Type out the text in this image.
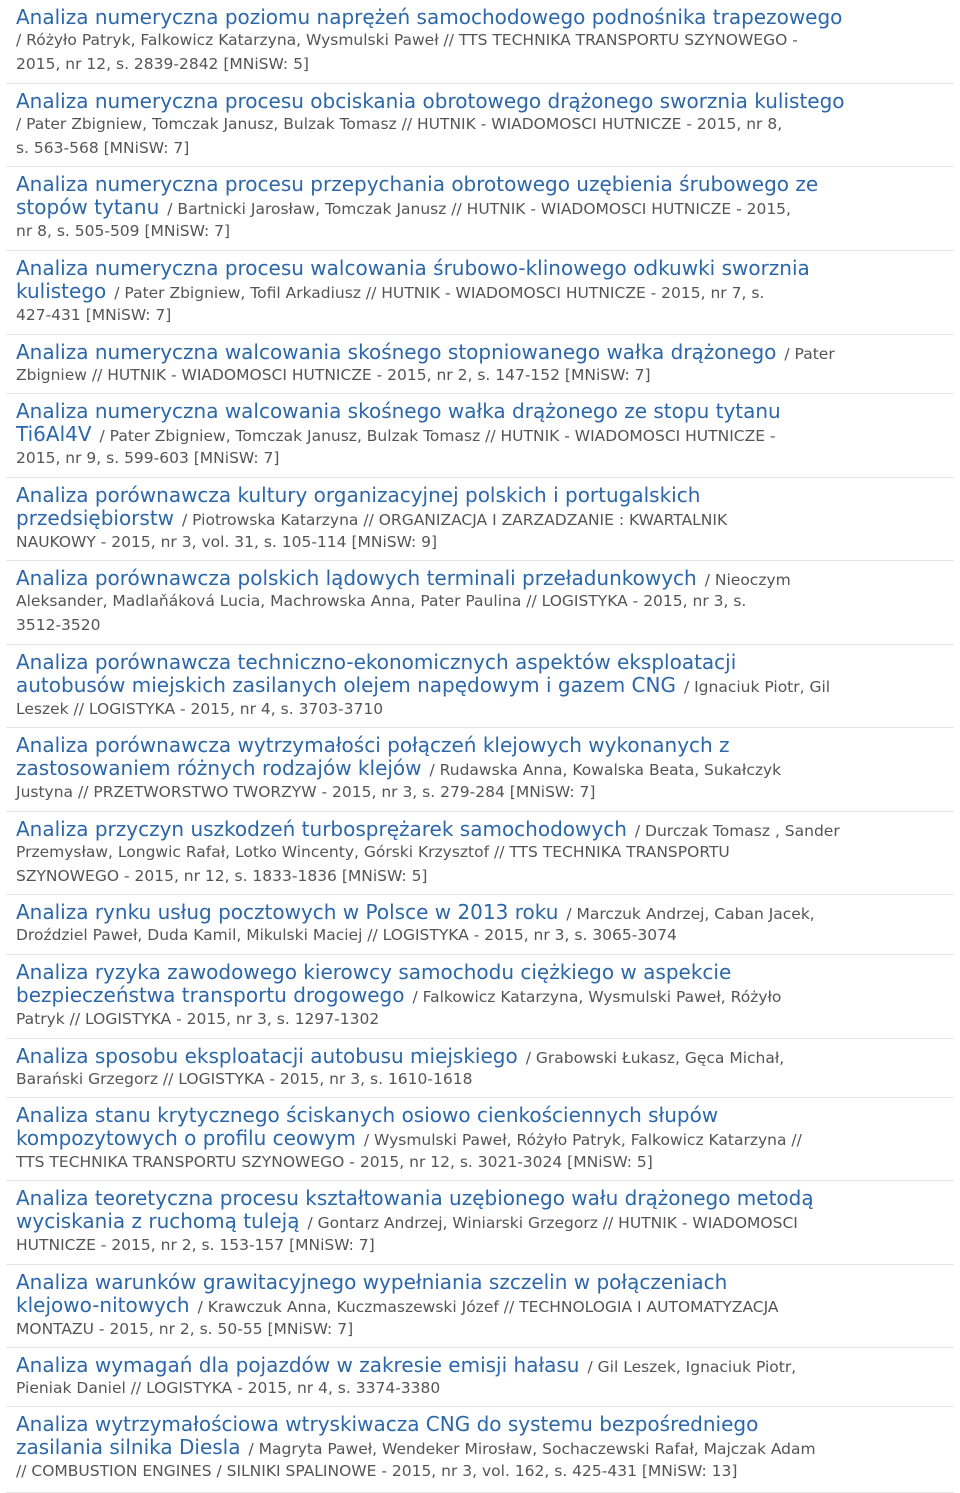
Analiza numeryczna poziomu naprężeń samochodowego podnośnika trapezowego
/ Różyło Patryk, Falkowicz Katarzyna, Wysmulski Paweł // TTS TECHNIKA TRANSPORTU SZYNOWEGO -
2015, nr 12, s. 2839-2842 [MNiSW: 5]
Analiza numeryczna procesu obciskania obrotowego drążonego sworznia kulistego
/ Pater Zbigniew, Tomczak Janusz, Bulzak Tomasz // HUTNIK - WIADOMOSCI HUTNICZE - 2015, nr 8,
s. 563-568 [MNiSW: 7]
Analiza numeryczna procesu przepychania obrotowego uzębienia śrubowego ze
stopów tytanu / Bartnicki Jarosław, Tomczak Janusz // HUTNIK - WIADOMOSCI HUTNICZE - 2015,
nr 8, s. 505-509 [MNiSW: 7]
Analiza numeryczna procesu walcowania śrubowo-klinowego odkuwki sworznia
kulistego / Pater Zbigniew, Tofil Arkadiusz // HUTNIK - WIADOMOSCI HUTNICZE - 2015, nr 7, s.
427-431 [MNiSW: 7]
Analiza numeryczna walcowania skośnego stopniowanego wałka drążonego / Pater
Zbigniew // HUTNIK - WIADOMOSCI HUTNICZE - 2015, nr 2, s. 147-152 [MNiSW: 7]
Analiza numeryczna walcowania skośnego wałka drążonego ze stopu tytanu
Ti6Al4V / Pater Zbigniew, Tomczak Janusz, Bulzak Tomasz // HUTNIK - WIADOMOSCI HUTNICZE -
2015, nr 9, s. 599-603 [MNiSW: 7]
Analiza porównawcza kultury organizacyjnej polskich i portugalskich
przedsiębiorstw / Piotrowska Katarzyna // ORGANIZACJA I ZARZADZANIE : KWARTALNIK
NAUKOWY - 2015, nr 3, vol. 31, s. 105-114 [MNiSW: 9]
Analiza porównawcza polskich lądowych terminali przeładunkowych / Nieoczym
Aleksander, Madlaňáková Lucia, Machrowska Anna, Pater Paulina // LOGISTYKA - 2015, nr 3, s.
3512-3520
Analiza porównawcza techniczno-ekonomicznych aspektów eksploatacji
autobusów miejskich zasilanych olejem napędowym i gazem CNG / Ignaciuk Piotr, Gil
Leszek // LOGISTYKA - 2015, nr 4, s. 3703-3710
Analiza porównawcza wytrzymałości połączeń klejowych wykonanych z
zastosowaniem różnych rodzajów klejów / Rudawska Anna, Kowalska Beata, Sukałczyk
Justyna // PRZETWORSTWO TWORZYW - 2015, nr 3, s. 279-284 [MNiSW: 7]
Analiza przyczyn uszkodzeń turbosprężarek samochodowych / Durczak Tomasz , Sander
Przemysław, Longwic Rafał, Lotko Wincenty, Górski Krzysztof // TTS TECHNIKA TRANSPORTU
SZYNOWEGO - 2015, nr 12, s. 1833-1836 [MNiSW: 5]
Analiza rynku usług pocztowych w Polsce w 2013 roku / Marczuk Andrzej, Caban Jacek,
Droździel Paweł, Duda Kamil, Mikulski Maciej // LOGISTYKA - 2015, nr 3, s. 3065-3074
Analiza ryzyka zawodowego kierowcy samochodu ciężkiego w aspekcie
bezpieczeństwa transportu drogowego / Falkowicz Katarzyna, Wysmulski Paweł, Różyło
Patryk // LOGISTYKA - 2015, nr 3, s. 1297-1302
Analiza sposobu eksploatacji autobusu miejskiego / Grabowski Łukasz, Gęca Michał,
Barański Grzegorz // LOGISTYKA - 2015, nr 3, s. 1610-1618
Analiza stanu krytycznego ściskanych osiowo cienkościennych słupów
kompozytowych o profilu ceowym / Wysmulski Paweł, Różyło Patryk, Falkowicz Katarzyna //
TTS TECHNIKA TRANSPORTU SZYNOWEGO - 2015, nr 12, s. 3021-3024 [MNiSW: 5]
Analiza teoretyczna procesu kształtowania uzębionego wału drążonego metodą
wyciskania z ruchomą tuleją / Gontarz Andrzej, Winiarski Grzegorz // HUTNIK - WIADOMOSCI
HUTNICZE - 2015, nr 2, s. 153-157 [MNiSW: 7]
Analiza warunków grawitacyjnego wypełniania szczelin w połączeniach
klejowo-nitowych / Krawczuk Anna, Kuczmaszewski Józef // TECHNOLOGIA I AUTOMATYZACJA
MONTAZU - 2015, nr 2, s. 50-55 [MNiSW: 7]
Analiza wymagań dla pojazdów w zakresie emisji hałasu / Gil Leszek, Ignaciuk Piotr,
Pieniak Daniel // LOGISTYKA - 2015, nr 4, s. 3374-3380
Analiza wytrzymałościowa wtryskiwacza CNG do systemu bezpośredniego
zasilania silnika Diesla / Magryta Paweł, Wendeker Mirosław, Sochaczewski Rafał, Majczak Adam
// COMBUSTION ENGINES / SILNIKI SPALINOWE - 2015, nr 3, vol. 162, s. 425-431 [MNiSW: 13]
